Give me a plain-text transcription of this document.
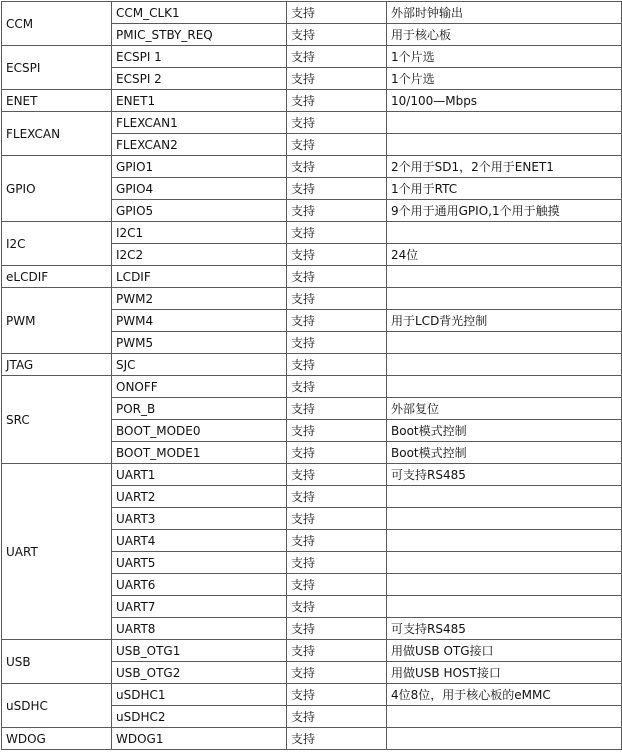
CCM	CCM_CLK1	支持	外部时钟输出
	PMIC_STBY_REQ	支持	用于核心板
ECSPI	ECSPI 1	支持	1个片选
	ECSPI 2	支持	1个片选
ENET	ENET1	支持	10/100—Mbps
FLEXCAN	FLEXCAN1	支持	
	FLEXCAN2	支持	
GPIO	GPIO1	支持	2个用于SD1，2个用于ENET1
	GPIO4	支持	1个用于RTC
	GPIO5	支持	9个用于通用GPIO,1个用于触摸
I2C	I2C1	支持	
	I2C2	支持	24位
eLCDIF	LCDIF	支持	
PWM	PWM2	支持	
	PWM4	支持	用于LCD背光控制
	PWM5	支持	
JTAG	SJC	支持	
SRC	ONOFF	支持	
	POR_B	支持	外部复位
	BOOT_MODE0	支持	Boot模式控制
	BOOT_MODE1	支持	Boot模式控制
UART	UART1	支持	可支持RS485
	UART2	支持	
	UART3	支持	
	UART4	支持	
	UART5	支持	
	UART6	支持	
	UART7	支持	
	UART8	支持	可支持RS485
USB	USB_OTG1	支持	用做USB OTG接口
	USB_OTG2	支持	用做USB HOST接口
uSDHC	uSDHC1	支持	4位8位，用于核心板的eMMC
	uSDHC2	支持	
WDOG	WDOG1	支持	
